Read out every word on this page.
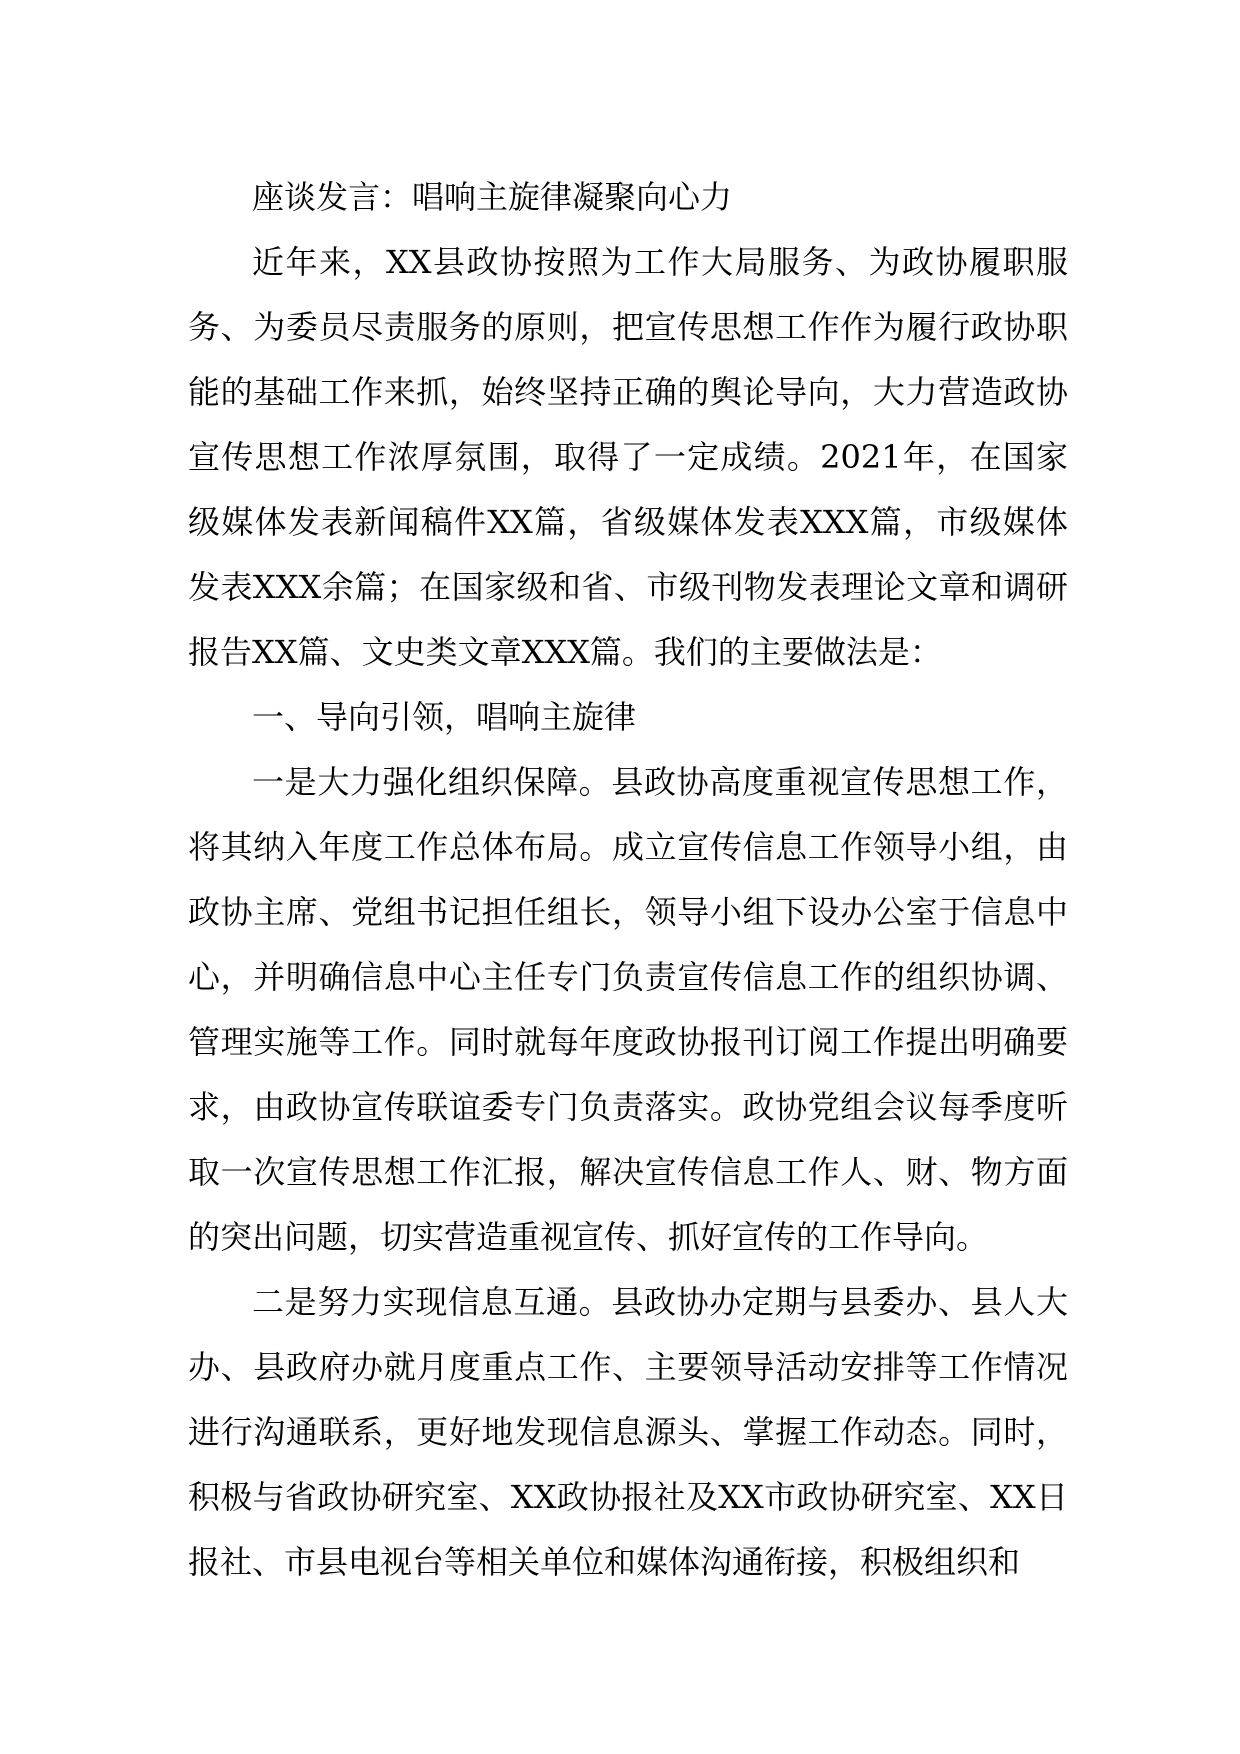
座谈发言：唱响主旋律凝聚向心力

近年来，XX县政协按照为工作大局服务、为政协履职服务、为委员尽责服务的原则，把宣传思想工作作为履行政协职能的基础工作来抓，始终坚持正确的舆论导向，大力营造政协宣传思想工作浓厚氛围，取得了一定成绩。2021年，在国家级媒体发表新闻稿件XX篇，省级媒体发表XXX篇，市级媒体发表XXX余篇；在国家级和省、市级刊物发表理论文章和调研报告XX篇、文史类文章XXX篇。我们的主要做法是：

一、导向引领，唱响主旋律

一是大力强化组织保障。县政协高度重视宣传思想工作，将其纳入年度工作总体布局。成立宣传信息工作领导小组，由政协主席、党组书记担任组长，领导小组下设办公室于信息中心，并明确信息中心主任专门负责宣传信息工作的组织协调、管理实施等工作。同时就每年度政协报刊订阅工作提出明确要求，由政协宣传联谊委专门负责落实。政协党组会议每季度听取一次宣传思想工作汇报，解决宣传信息工作人、财、物方面的突出问题，切实营造重视宣传、抓好宣传的工作导向。

二是努力实现信息互通。县政协办定期与县委办、县人大办、县政府办就月度重点工作、主要领导活动安排等工作情况进行沟通联系，更好地发现信息源头、掌握工作动态。同时，积极与省政协研究室、XX政协报社及XX市政协研究室、XX日报社、市县电视台等相关单位和媒体沟通衔接，积极组织和
